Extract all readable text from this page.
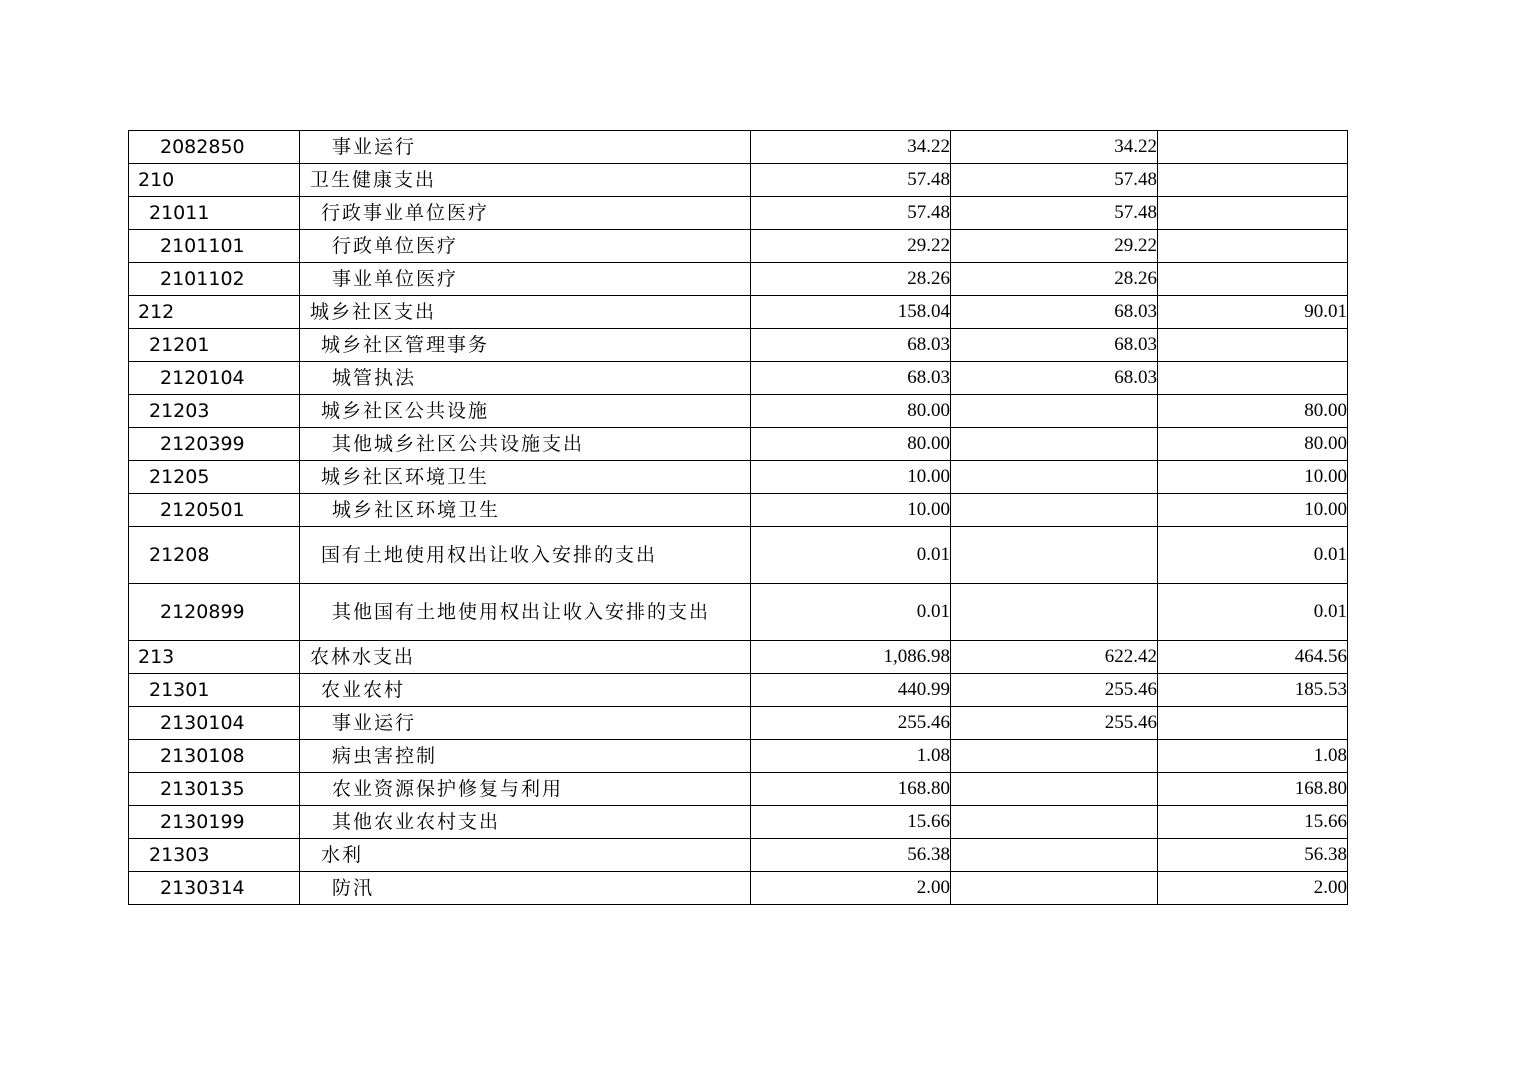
2082850	事业运行	34.22	34.22	
210	卫生健康支出	57.48	57.48	
21011	行政事业单位医疗	57.48	57.48	
2101101	行政单位医疗	29.22	29.22	
2101102	事业单位医疗	28.26	28.26	
212	城乡社区支出	158.04	68.03	90.01
21201	城乡社区管理事务	68.03	68.03	
2120104	城管执法	68.03	68.03	
21203	城乡社区公共设施	80.00		80.00
2120399	其他城乡社区公共设施支出	80.00		80.00
21205	城乡社区环境卫生	10.00		10.00
2120501	城乡社区环境卫生	10.00		10.00
21208	国有土地使用权出让收入安排的支出	0.01		0.01
2120899	其他国有土地使用权出让收入安排的支出	0.01		0.01
213	农林水支出	1,086.98	622.42	464.56
21301	农业农村	440.99	255.46	185.53
2130104	事业运行	255.46	255.46	
2130108	病虫害控制	1.08		1.08
2130135	农业资源保护修复与利用	168.80		168.80
2130199	其他农业农村支出	15.66		15.66
21303	水利	56.38		56.38
2130314	防汛	2.00		2.00
